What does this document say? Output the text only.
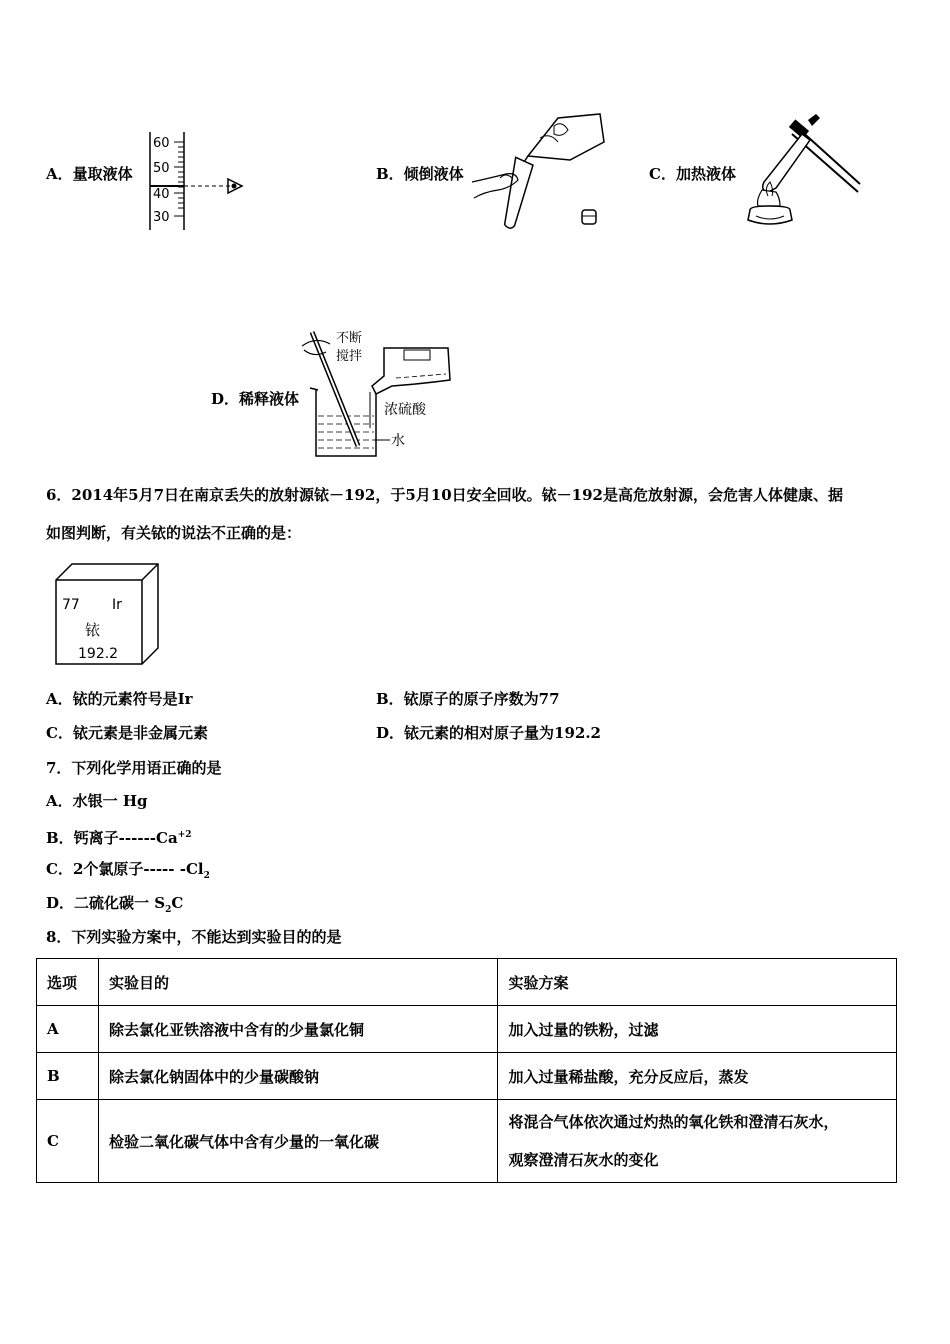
A．量取液体	B．倾倒液体	C．加热液体
D．稀释液体
60
50
40
30
不断
搅拌
浓硫酸
水
6．2014年5月7日在南京丢失的放射源铱－192，于5月10日安全回收。铱－192是高危放射源，会危害人体健康、据
如图判断，有关铱的说法不正确的是：
77 Ir
铱
192.2
A．铱的元素符号是Ir	B．铱原子的原子序数为77
C．铱元素是非金属元素	D．铱元素的相对原子量为192.2
7．下列化学用语正确的是
A．水银一 Hg
B．钙离子$------Ca^{+2}$
C．2个氯原子----- $-Cl_2$
D．二硫化碳一 $S_2C$
8．下列实验方案中，不能达到实验目的的是
选项	实验目的	实验方案
A	除去氯化亚铁溶液中含有的少量氯化铜	加入过量的铁粉，过滤
B	除去氯化钠固体中的少量碳酸钠	加入过量稀盐酸，充分反应后，蒸发
C	检验二氧化碳气体中含有少量的一氧化碳	将混合气体依次通过灼热的氧化铁和澄清石灰水，
观察澄清石灰水的变化
